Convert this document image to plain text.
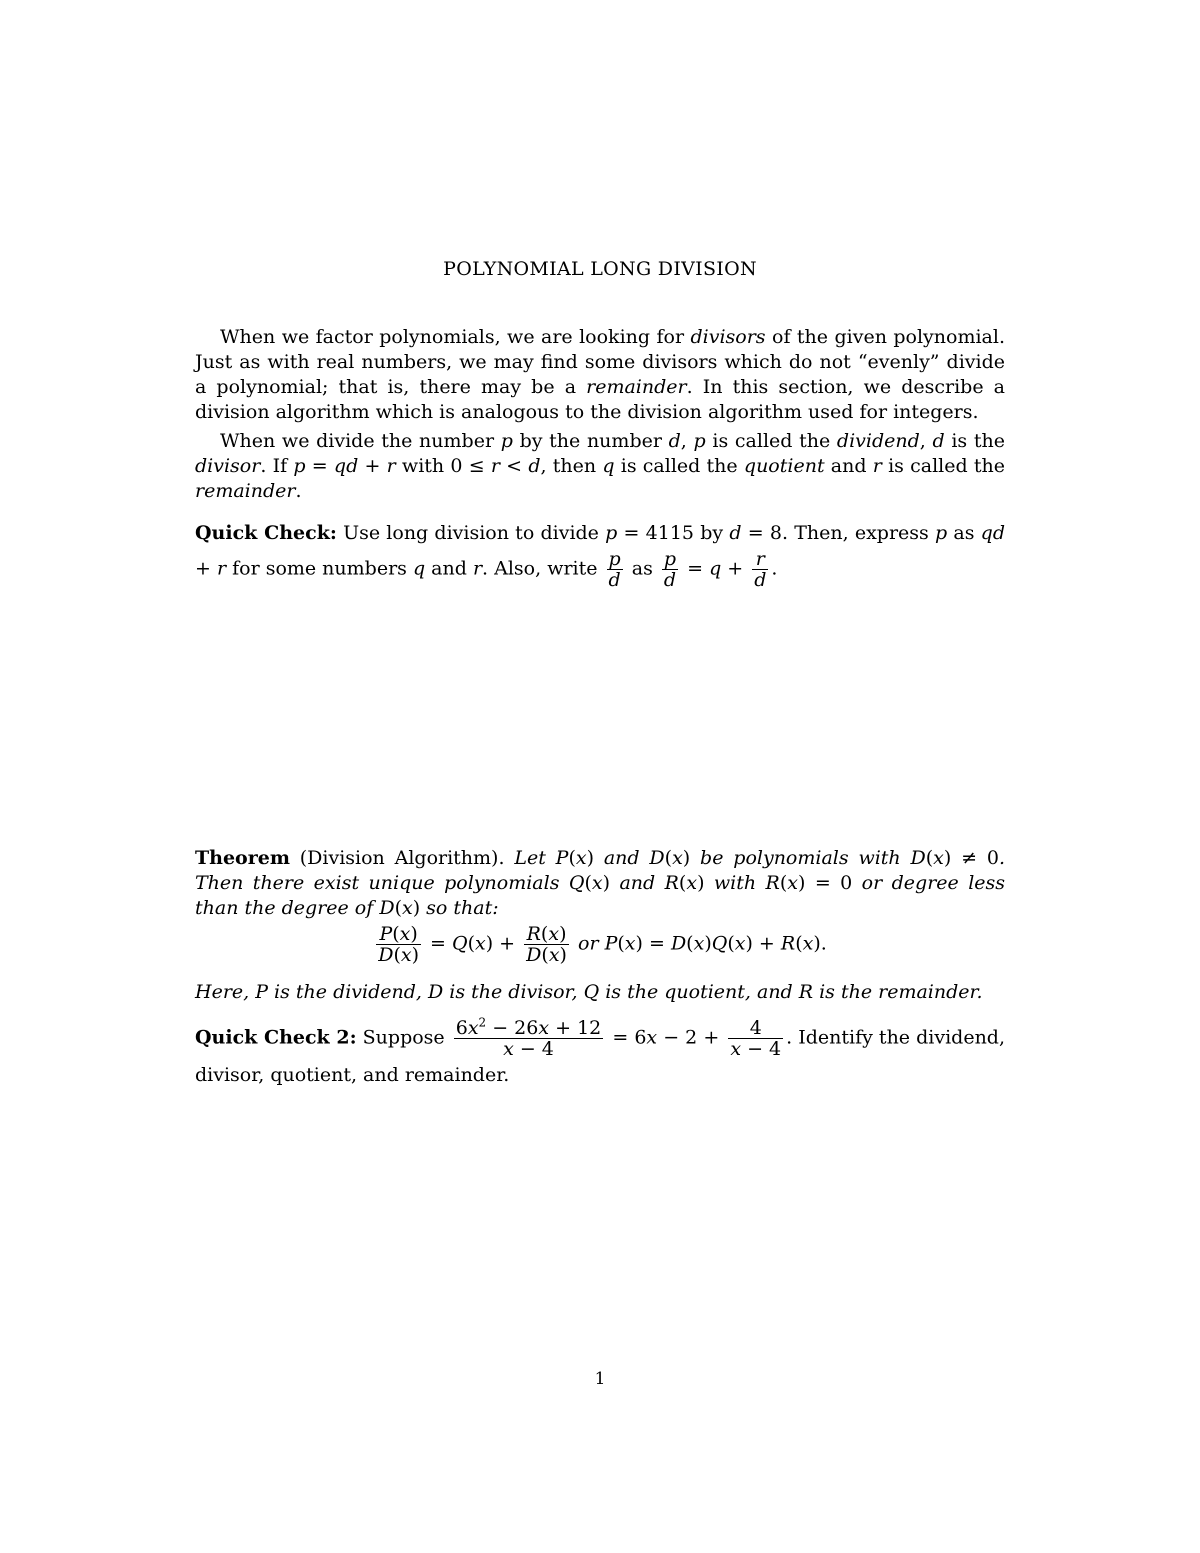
POLYNOMIAL LONG DIVISION
When we factor polynomials, we are looking for divisors of the given polynomial. Just as with real numbers, we may find some divisors which do not “evenly” divide a polynomial; that is, there may be a remainder. In this section, we describe a division algorithm which is analogous to the division algorithm used for integers.
When we divide the number p by the number d, p is called the dividend, d is the divisor. If p = qd + r with 0 ≤ r < d, then q is called the quotient and r is called the remainder.
Quick Check: Use long division to divide p = 4115 by d = 8. Then, express p as qd + r for some numbers q and r. Also, write $\frac{p}{d}$ as $\frac{p}{d} = q + \frac{r}{d}$ .
Theorem (Division Algorithm). Let P(x) and D(x) be polynomials with D(x) ≠ 0. Then there exist unique polynomials Q(x) and R(x) with R(x) = 0 or degree less than the degree of D(x) so that:
$\frac{P(x)}{D(x)} = Q(x) + \frac{R(x)}{D(x)}$ or P(x) = D(x)Q(x) + R(x).
Here, P is the dividend, D is the divisor, Q is the quotient, and R is the remainder.
Quick Check 2: Suppose $\frac{6x^2 - 26x + 12}{x - 4} = 6x - 2 + \frac{4}{x - 4}$ . Identify the dividend, divisor, quotient, and remainder.
1
